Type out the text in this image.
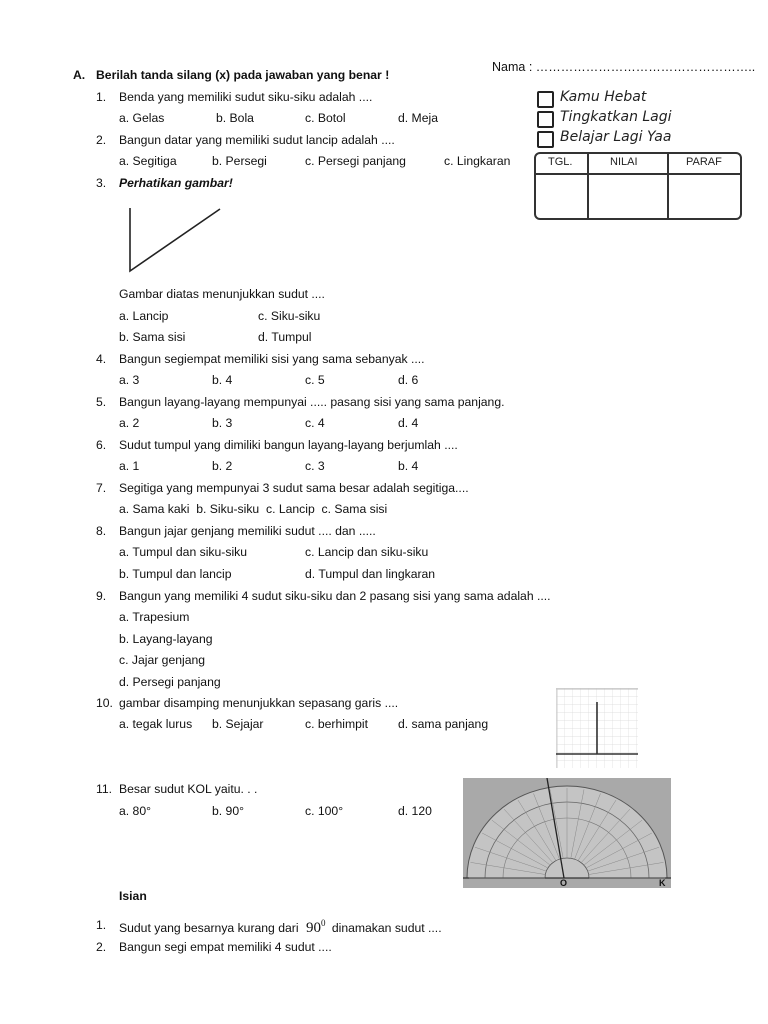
Nama : ……………………………………………..
Kamu Hebat
Tingkatkan Lagi
Belajar Lagi Yaa
TGL.	NILAI	PARAF
A. Berilah tanda silang (x) pada jawaban yang benar !
1. Benda yang memiliki sudut siku-siku adalah ....
a. Gelas	b. Bola	c. Botol	d. Meja
2. Bangun datar yang memiliki sudut lancip adalah ....
a. Segitiga	b. Persegi	c. Persegi panjang	c. Lingkaran
3. Perhatikan gambar!
Gambar diatas menunjukkan sudut ....
a. Lancip	c. Siku-siku
b. Sama sisi	d. Tumpul
4. Bangun segiempat memiliki sisi yang sama sebanyak ....
a. 3	b. 4	c. 5	d. 6
5. Bangun layang-layang mempunyai ..... pasang sisi yang sama panjang.
a. 2	b. 3	c. 4	d. 4
6. Sudut tumpul yang dimiliki bangun layang-layang berjumlah ....
a. 1	b. 2	c. 3	b. 4
7. Segitiga yang mempunyai 3 sudut sama besar adalah segitiga....
a. Sama kaki  b. Siku-siku  c. Lancip  c. Sama sisi
8. Bangun jajar genjang memiliki sudut .... dan .....
a. Tumpul dan siku-siku	c. Lancip dan siku-siku
b. Tumpul dan lancip	d. Tumpul dan lingkaran
9. Bangun yang memiliki 4 sudut siku-siku dan 2 pasang sisi yang sama adalah ....
a. Trapesium
b. Layang-layang
c. Jajar genjang
d. Persegi panjang
10. gambar disamping menunjukkan sepasang garis ....
a. tegak lurus b. Sejajar	c. berhimpit d. sama panjang
11. Besar sudut KOL yaitu. . .
a. 80°	b. 90°	c. 100°	d. 120
O	K
Isian
1. Sudut yang besarnya kurang dari $90^0$ dinamakan sudut ....
2. Bangun segi empat memiliki 4 sudut ....
